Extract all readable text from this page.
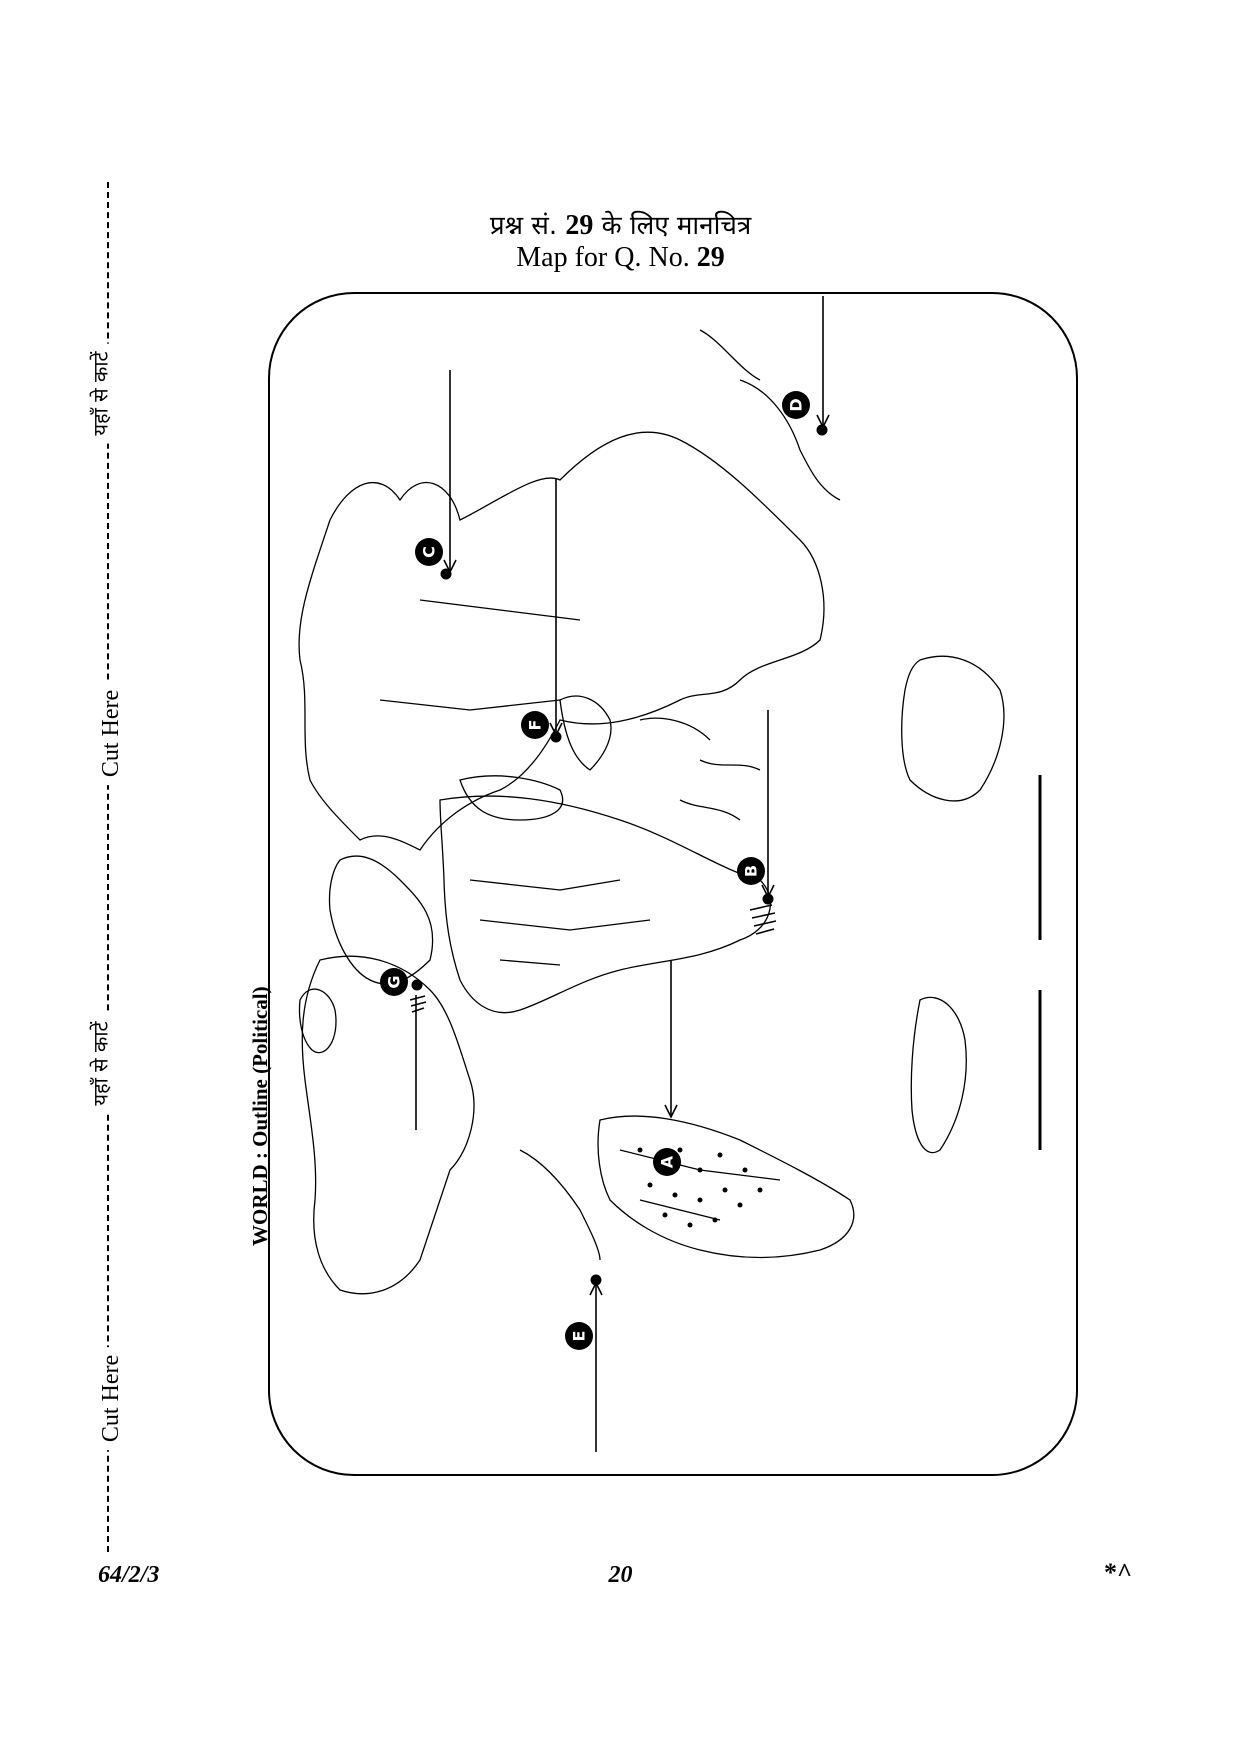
प्रश्न सं. 29 के लिए मानचित्र
Map for Q. No. 29
यहाँ से काटें
Cut Here
यहाँ से काटें
Cut Here
WORLD : Outline (Political)	A
B
C
D
E
F
G
64/2/3	20	*^
